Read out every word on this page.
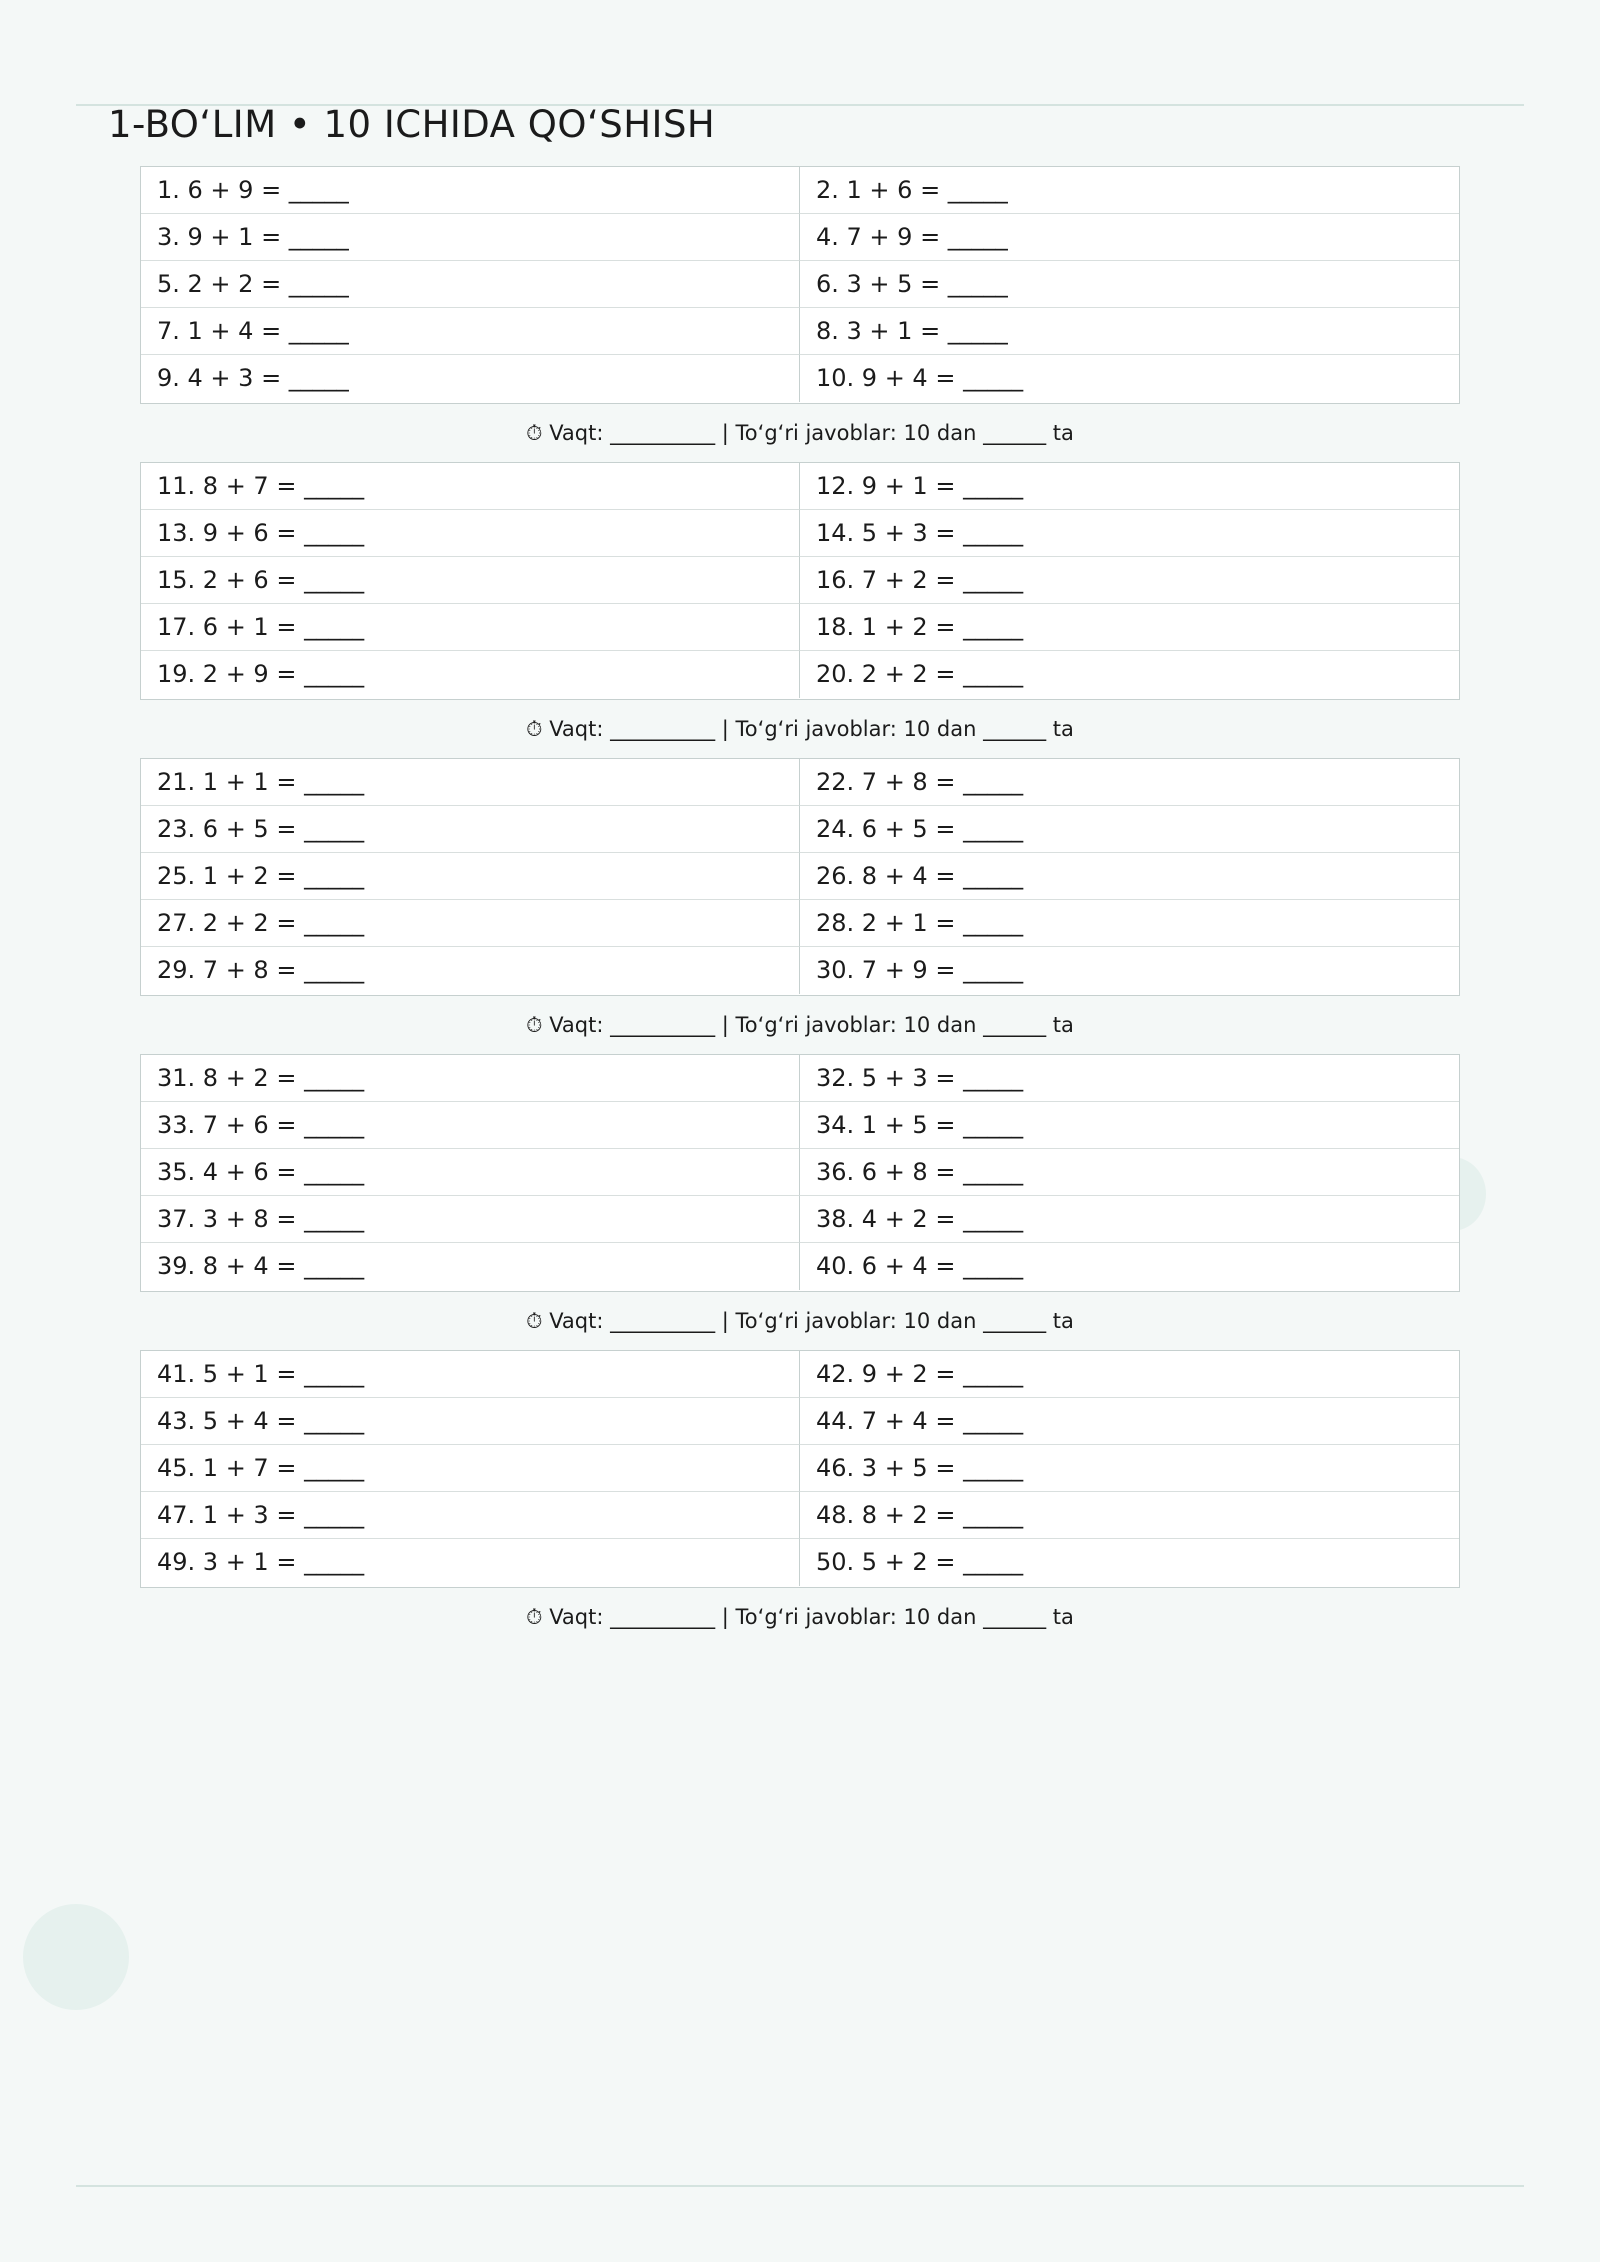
1-BO‘LIM • 10 ICHIDA QO‘SHISH
1. 6 + 9 = _____	2. 1 + 6 = _____
3. 9 + 1 = _____	4. 7 + 9 = _____
5. 2 + 2 = _____	6. 3 + 5 = _____
7. 1 + 4 = _____	8. 3 + 1 = _____
9. 4 + 3 = _____	10. 9 + 4 = _____
⏱ Vaqt: __________ | To‘g‘ri javoblar: 10 dan ______ ta
11. 8 + 7 = _____	12. 9 + 1 = _____
13. 9 + 6 = _____	14. 5 + 3 = _____
15. 2 + 6 = _____	16. 7 + 2 = _____
17. 6 + 1 = _____	18. 1 + 2 = _____
19. 2 + 9 = _____	20. 2 + 2 = _____
⏱ Vaqt: __________ | To‘g‘ri javoblar: 10 dan ______ ta
21. 1 + 1 = _____	22. 7 + 8 = _____
23. 6 + 5 = _____	24. 6 + 5 = _____
25. 1 + 2 = _____	26. 8 + 4 = _____
27. 2 + 2 = _____	28. 2 + 1 = _____
29. 7 + 8 = _____	30. 7 + 9 = _____
⏱ Vaqt: __________ | To‘g‘ri javoblar: 10 dan ______ ta
31. 8 + 2 = _____	32. 5 + 3 = _____
33. 7 + 6 = _____	34. 1 + 5 = _____
35. 4 + 6 = _____	36. 6 + 8 = _____
37. 3 + 8 = _____	38. 4 + 2 = _____
39. 8 + 4 = _____	40. 6 + 4 = _____
⏱ Vaqt: __________ | To‘g‘ri javoblar: 10 dan ______ ta
41. 5 + 1 = _____	42. 9 + 2 = _____
43. 5 + 4 = _____	44. 7 + 4 = _____
45. 1 + 7 = _____	46. 3 + 5 = _____
47. 1 + 3 = _____	48. 8 + 2 = _____
49. 3 + 1 = _____	50. 5 + 2 = _____
⏱ Vaqt: __________ | To‘g‘ri javoblar: 10 dan ______ ta
